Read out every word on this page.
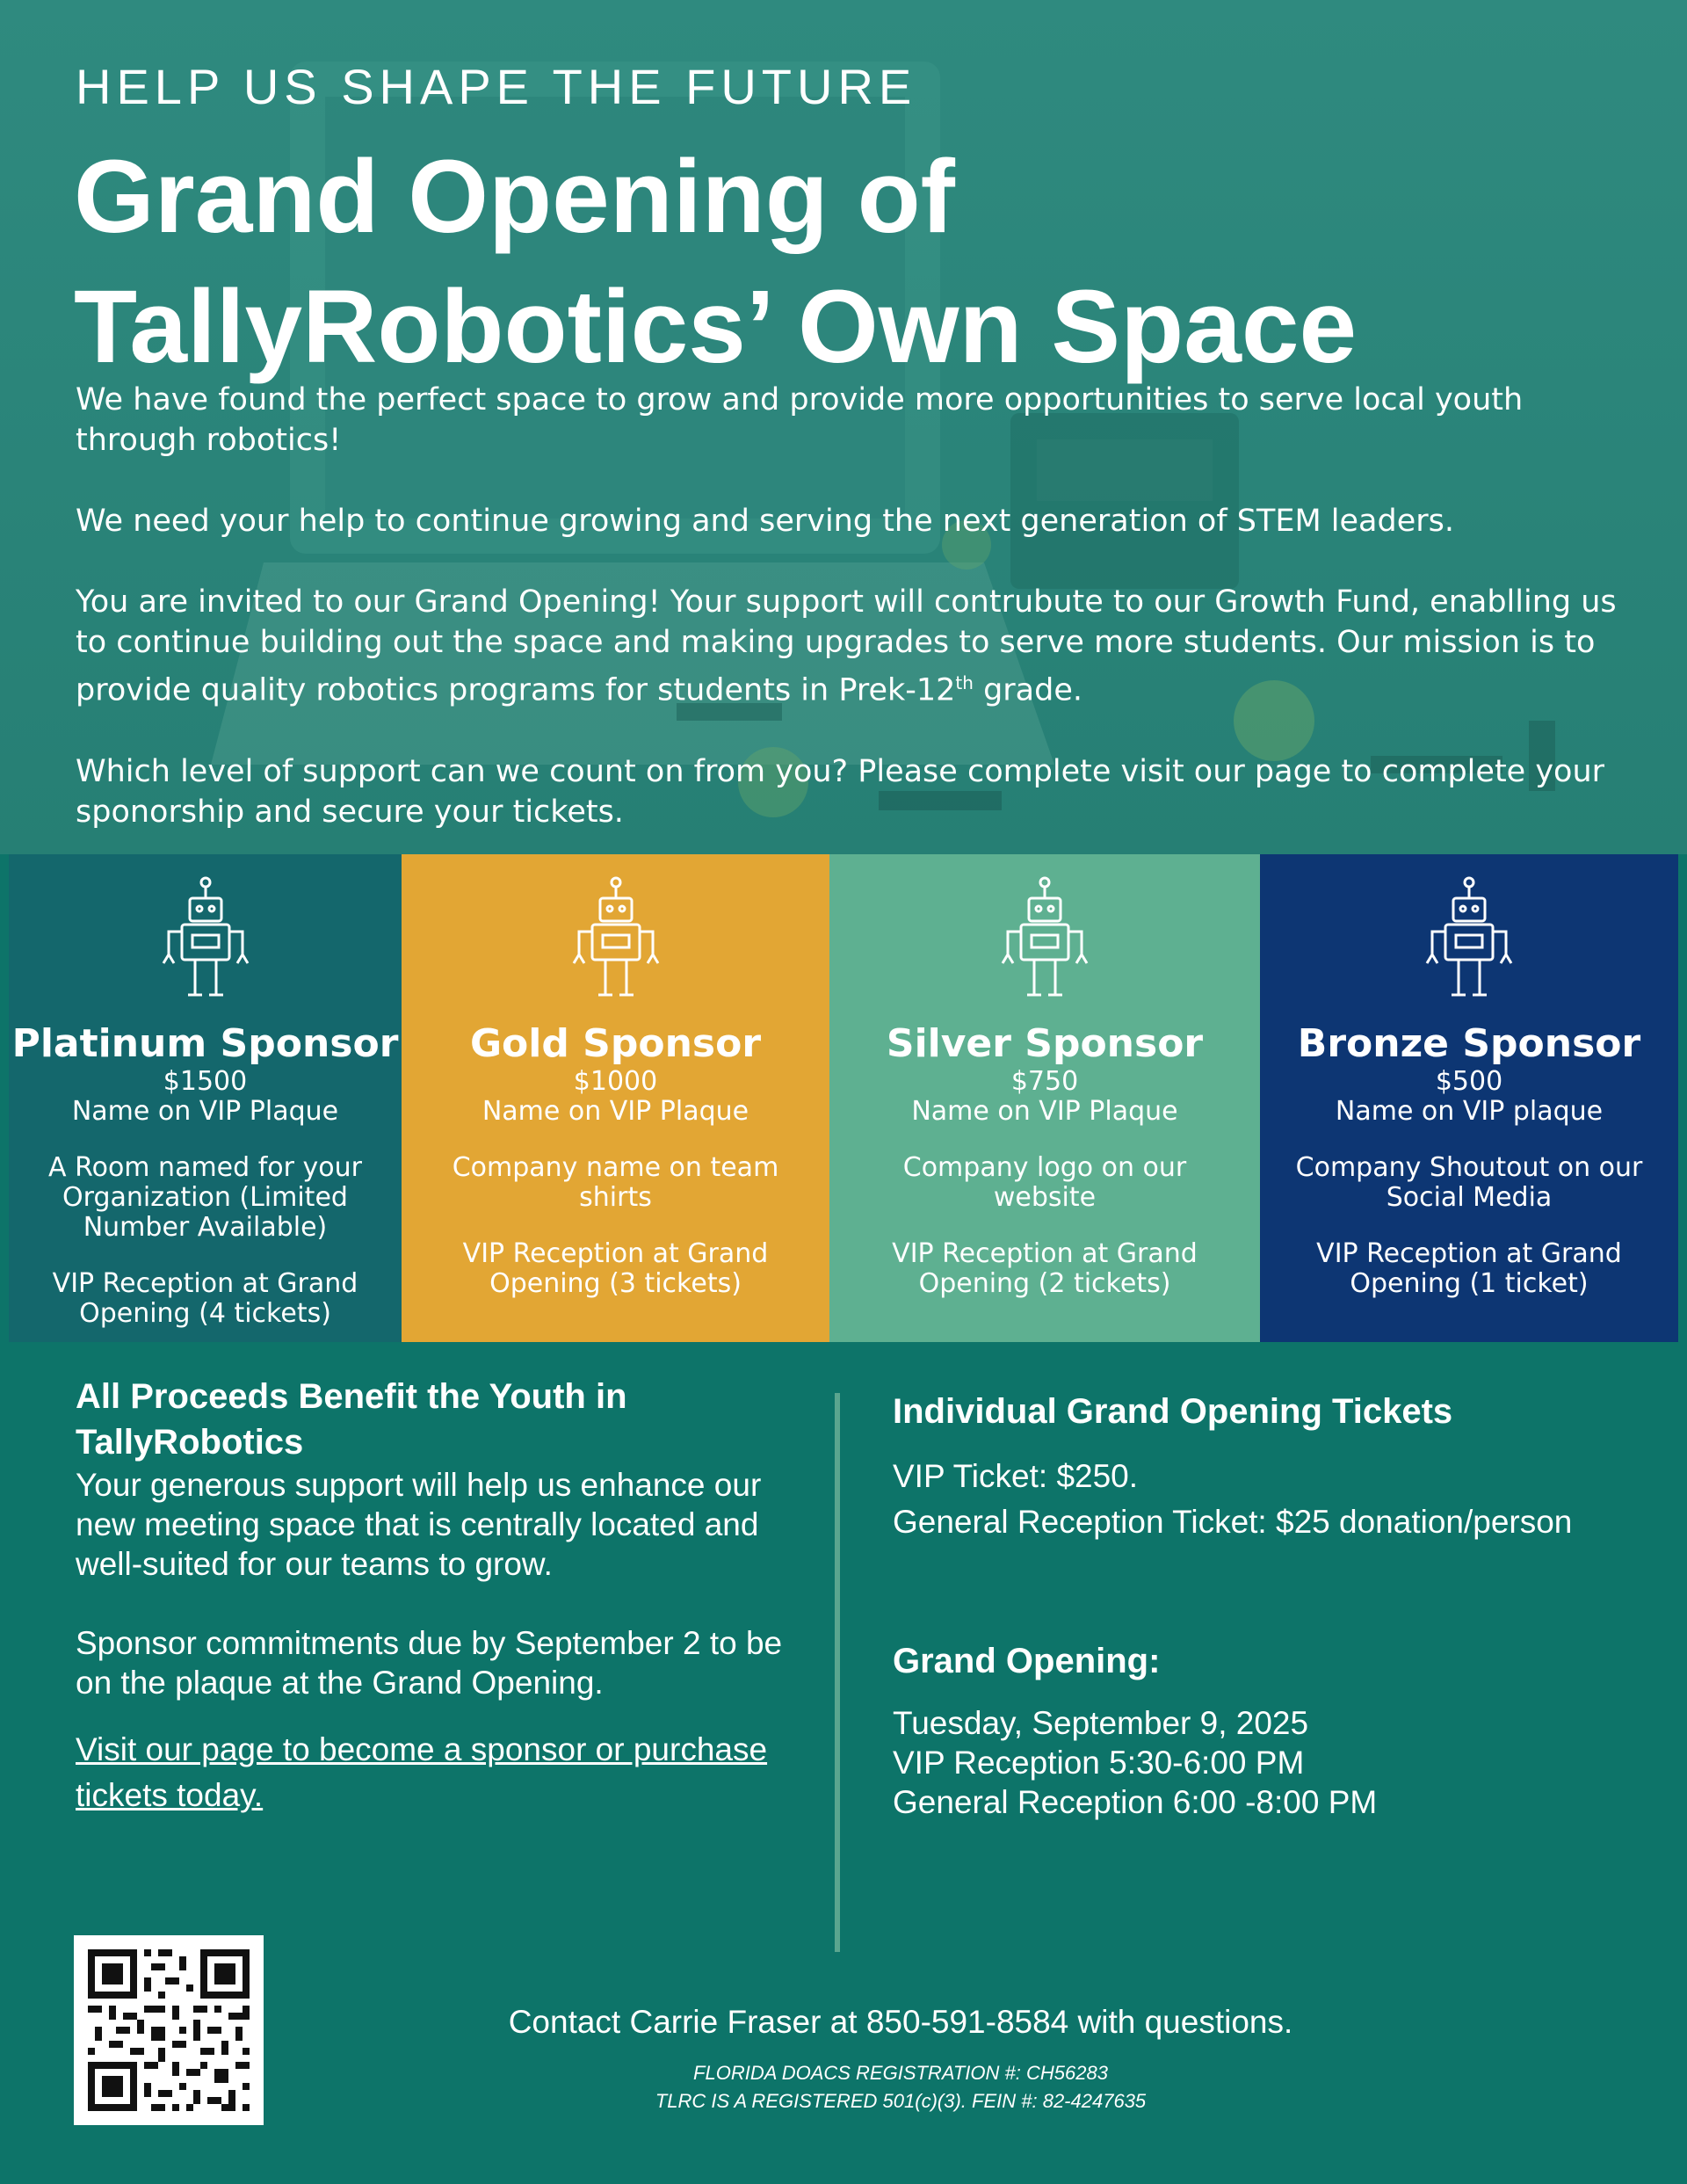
HELP US SHAPE THE FUTURE
Grand Opening of
TallyRobotics’ Own Space

We have found the perfect space to grow and provide more opportunities to serve local youth through robotics!

We need your help to continue growing and serving the next generation of STEM leaders.

You are invited to our Grand Opening! Your support will contrubute to our Growth Fund, enablling us to continue building out the space and making upgrades to serve more students. Our mission is to provide quality robotics programs for students in Prek-12th grade.

Which level of support can we count on from you? Please complete visit our page to complete your sponorship and secure your tickets.

Platinum Sponsor
$1500
Name on VIP Plaque
A Room named for your Organization (Limited Number Available)
VIP Reception at Grand Opening (4 tickets)
Gold Sponsor
$1000
Name on VIP Plaque
Company name on team shirts
VIP Reception at Grand Opening (3 tickets)
Silver Sponsor
$750
Name on VIP Plaque
Company logo on our website
VIP Reception at Grand Opening (2 tickets)
Bronze Sponsor
$500
Name on VIP plaque
Company Shoutout on our Social Media
VIP Reception at Grand Opening (1 ticket)
All Proceeds Benefit the Youth in TallyRobotics

Your generous support will help us enhance our new meeting space that is centrally located and well-suited for our teams to grow.

Sponsor commitments due by September 2 to be on the plaque at the Grand Opening.

Visit our page to become a sponsor or purchase tickets today.
Individual Grand Opening Tickets
VIP Ticket: $250.
General Reception Ticket: $25 donation/person
Grand Opening:
Tuesday, September 9, 2025
VIP Reception 5:30-6:00 PM
General Reception 6:00 -8:00 PM
Contact Carrie Fraser at 850-591-8584 with questions.
FLORIDA DOACS REGISTRATION #: CH56283
TLRC IS A REGISTERED 501(c)(3). FEIN #: 82-4247635
